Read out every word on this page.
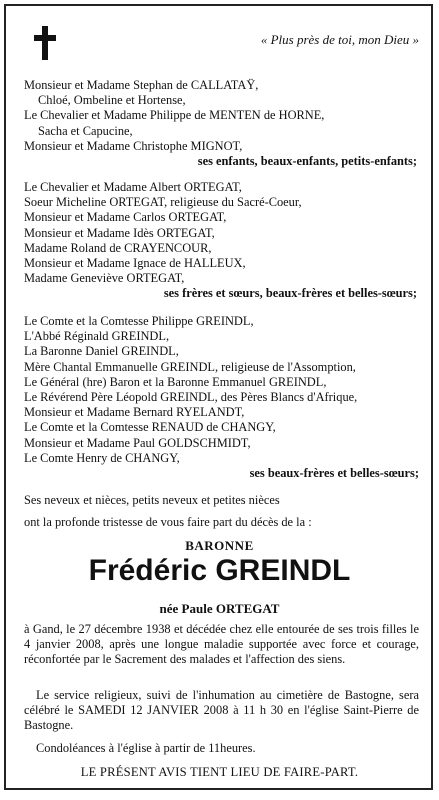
« Plus près de toi, mon Dieu »
Monsieur et Madame Stephan de CALLATAŸ,
Chloé, Ombeline et Hortense,
Le Chevalier et Madame Philippe de MENTEN de HORNE,
Sacha et Capucine,
Monsieur et Madame Christophe MIGNOT,
ses enfants, beaux-enfants, petits-enfants;
Le Chevalier et Madame Albert ORTEGAT,
Soeur Micheline ORTEGAT, religieuse du Sacré-Coeur,
Monsieur et Madame Carlos ORTEGAT,
Monsieur et Madame Idès ORTEGAT,
Madame Roland de CRAYENCOUR,
Monsieur et Madame Ignace de HALLEUX,
Madame Geneviève ORTEGAT,
ses frères et sœurs, beaux-frères et belles-sœurs;
Le Comte et la Comtesse Philippe GREINDL,
L'Abbé Réginald GREINDL,
La Baronne Daniel GREINDL,
Mère Chantal Emmanuelle GREINDL, religieuse de l'Assomption,
Le Général (hre) Baron et la Baronne Emmanuel GREINDL,
Le Révérend Père Léopold GREINDL, des Pères Blancs d'Afrique,
Monsieur et Madame Bernard RYELANDT,
Le Comte et la Comtesse RENAUD de CHANGY,
Monsieur et Madame Paul GOLDSCHMIDT,
Le Comte Henry de CHANGY,
ses beaux-frères et belles-sœurs;
Ses neveux et nièces, petits neveux et petites nièces
ont la profonde tristesse de vous faire part du décès de la :
BARONNE
Frédéric GREINDL
née Paule ORTEGAT
à Gand, le 27 décembre 1938 et décédée chez elle entourée de ses trois filles le 4 janvier 2008, après une longue maladie supportée avec force et courage, réconfortée par le Sacrement des malades et l'affection des siens.
Le service religieux, suivi de l'inhumation au cimetière de Bastogne, sera célébré le SAMEDI 12 JANVIER 2008 à 11 h 30 en l'église Saint-Pierre de Bastogne.
Condoléances à l'église à partir de 11heures.
LE PRÉSENT AVIS TIENT LIEU DE FAIRE-PART.
